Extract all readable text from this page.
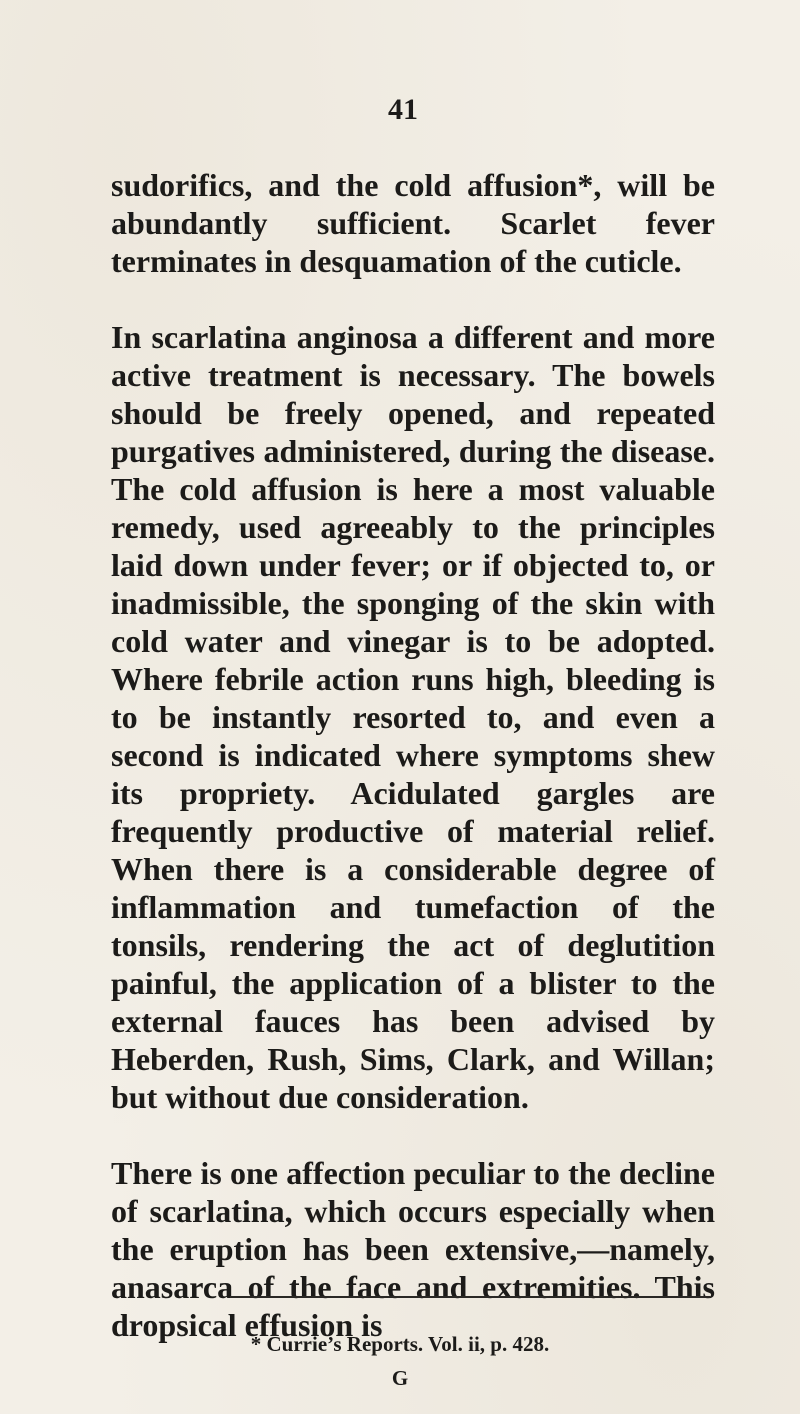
41

sudorifics, and the cold affusion*, will be abundantly sufficient. Scarlet fever terminates in desquamation of the cuticle.

In scarlatina anginosa a different and more active treatment is necessary. The bowels should be freely opened, and repeated purgatives administered, during the disease. The cold affusion is here a most valuable remedy, used agreeably to the principles laid down under fever; or if objected to, or inadmissible, the sponging of the skin with cold water and vinegar is to be adopted. Where febrile action runs high, bleeding is to be instantly resorted to, and even a second is indicated where symptoms shew its propriety. Acidulated gargles are frequently productive of material relief. When there is a considerable degree of inflammation and tumefaction of the tonsils, rendering the act of deglutition painful, the application of a blister to the external fauces has been advised by Heberden, Rush, Sims, Clark, and Willan; but without due consideration.

There is one affection peculiar to the decline of scarlatina, which occurs especially when the eruption has been extensive,—namely, anasarca of the face and extremities. This dropsical effusion is

* Currie’s Reports. Vol. ii, p. 428.
G
